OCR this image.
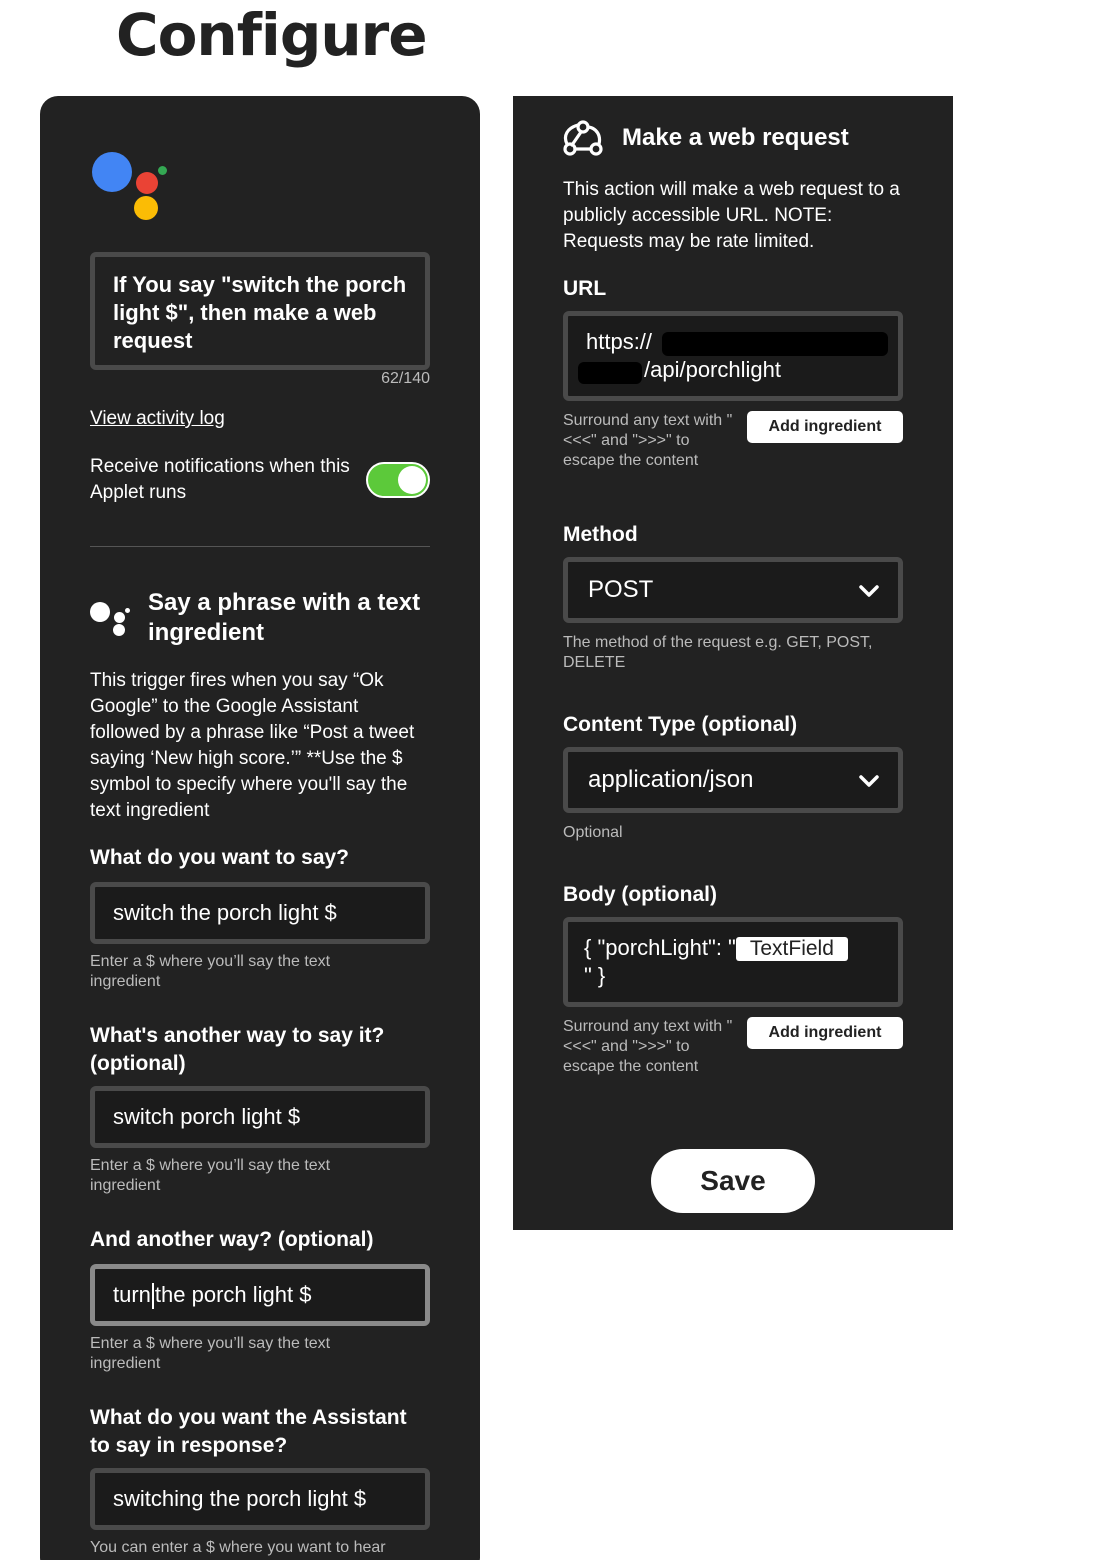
Configure
If You say "switch the porch light $", then make a web request
62/140
View activity log
Receive notifications when this Applet runs
Say a phrase with a text ingredient
This trigger fires when you say “Ok Google” to the Google Assistant followed by a phrase like “Post a tweet saying ‘New high score.’” **Use the $ symbol to specify where you'll say the text ingredient
What do you want to say?
switch the porch light $
Enter a $ where you’ll say the text ingredient
What's another way to say it? (optional)
switch porch light $
Enter a $ where you’ll say the text ingredient
And another way? (optional)
turn the porch light $
Enter a $ where you’ll say the text ingredient
What do you want the Assistant to say in response?
switching the porch light $
You can enter a $ where you want to hear
Make a web request
This action will make a web request to a publicly accessible URL. NOTE: Requests may be rate limited.
URL
https://
/api/porchlight
Surround any text with "<<<" and ">>>" to escape the content
Add ingredient
Method
POST
The method of the request e.g. GET, POST, DELETE
Content Type (optional)
application/json
Optional
Body (optional)
{ "porchLight": " TextField
" }
Surround any text with "<<<" and ">>>" to escape the content
Add ingredient
Save
